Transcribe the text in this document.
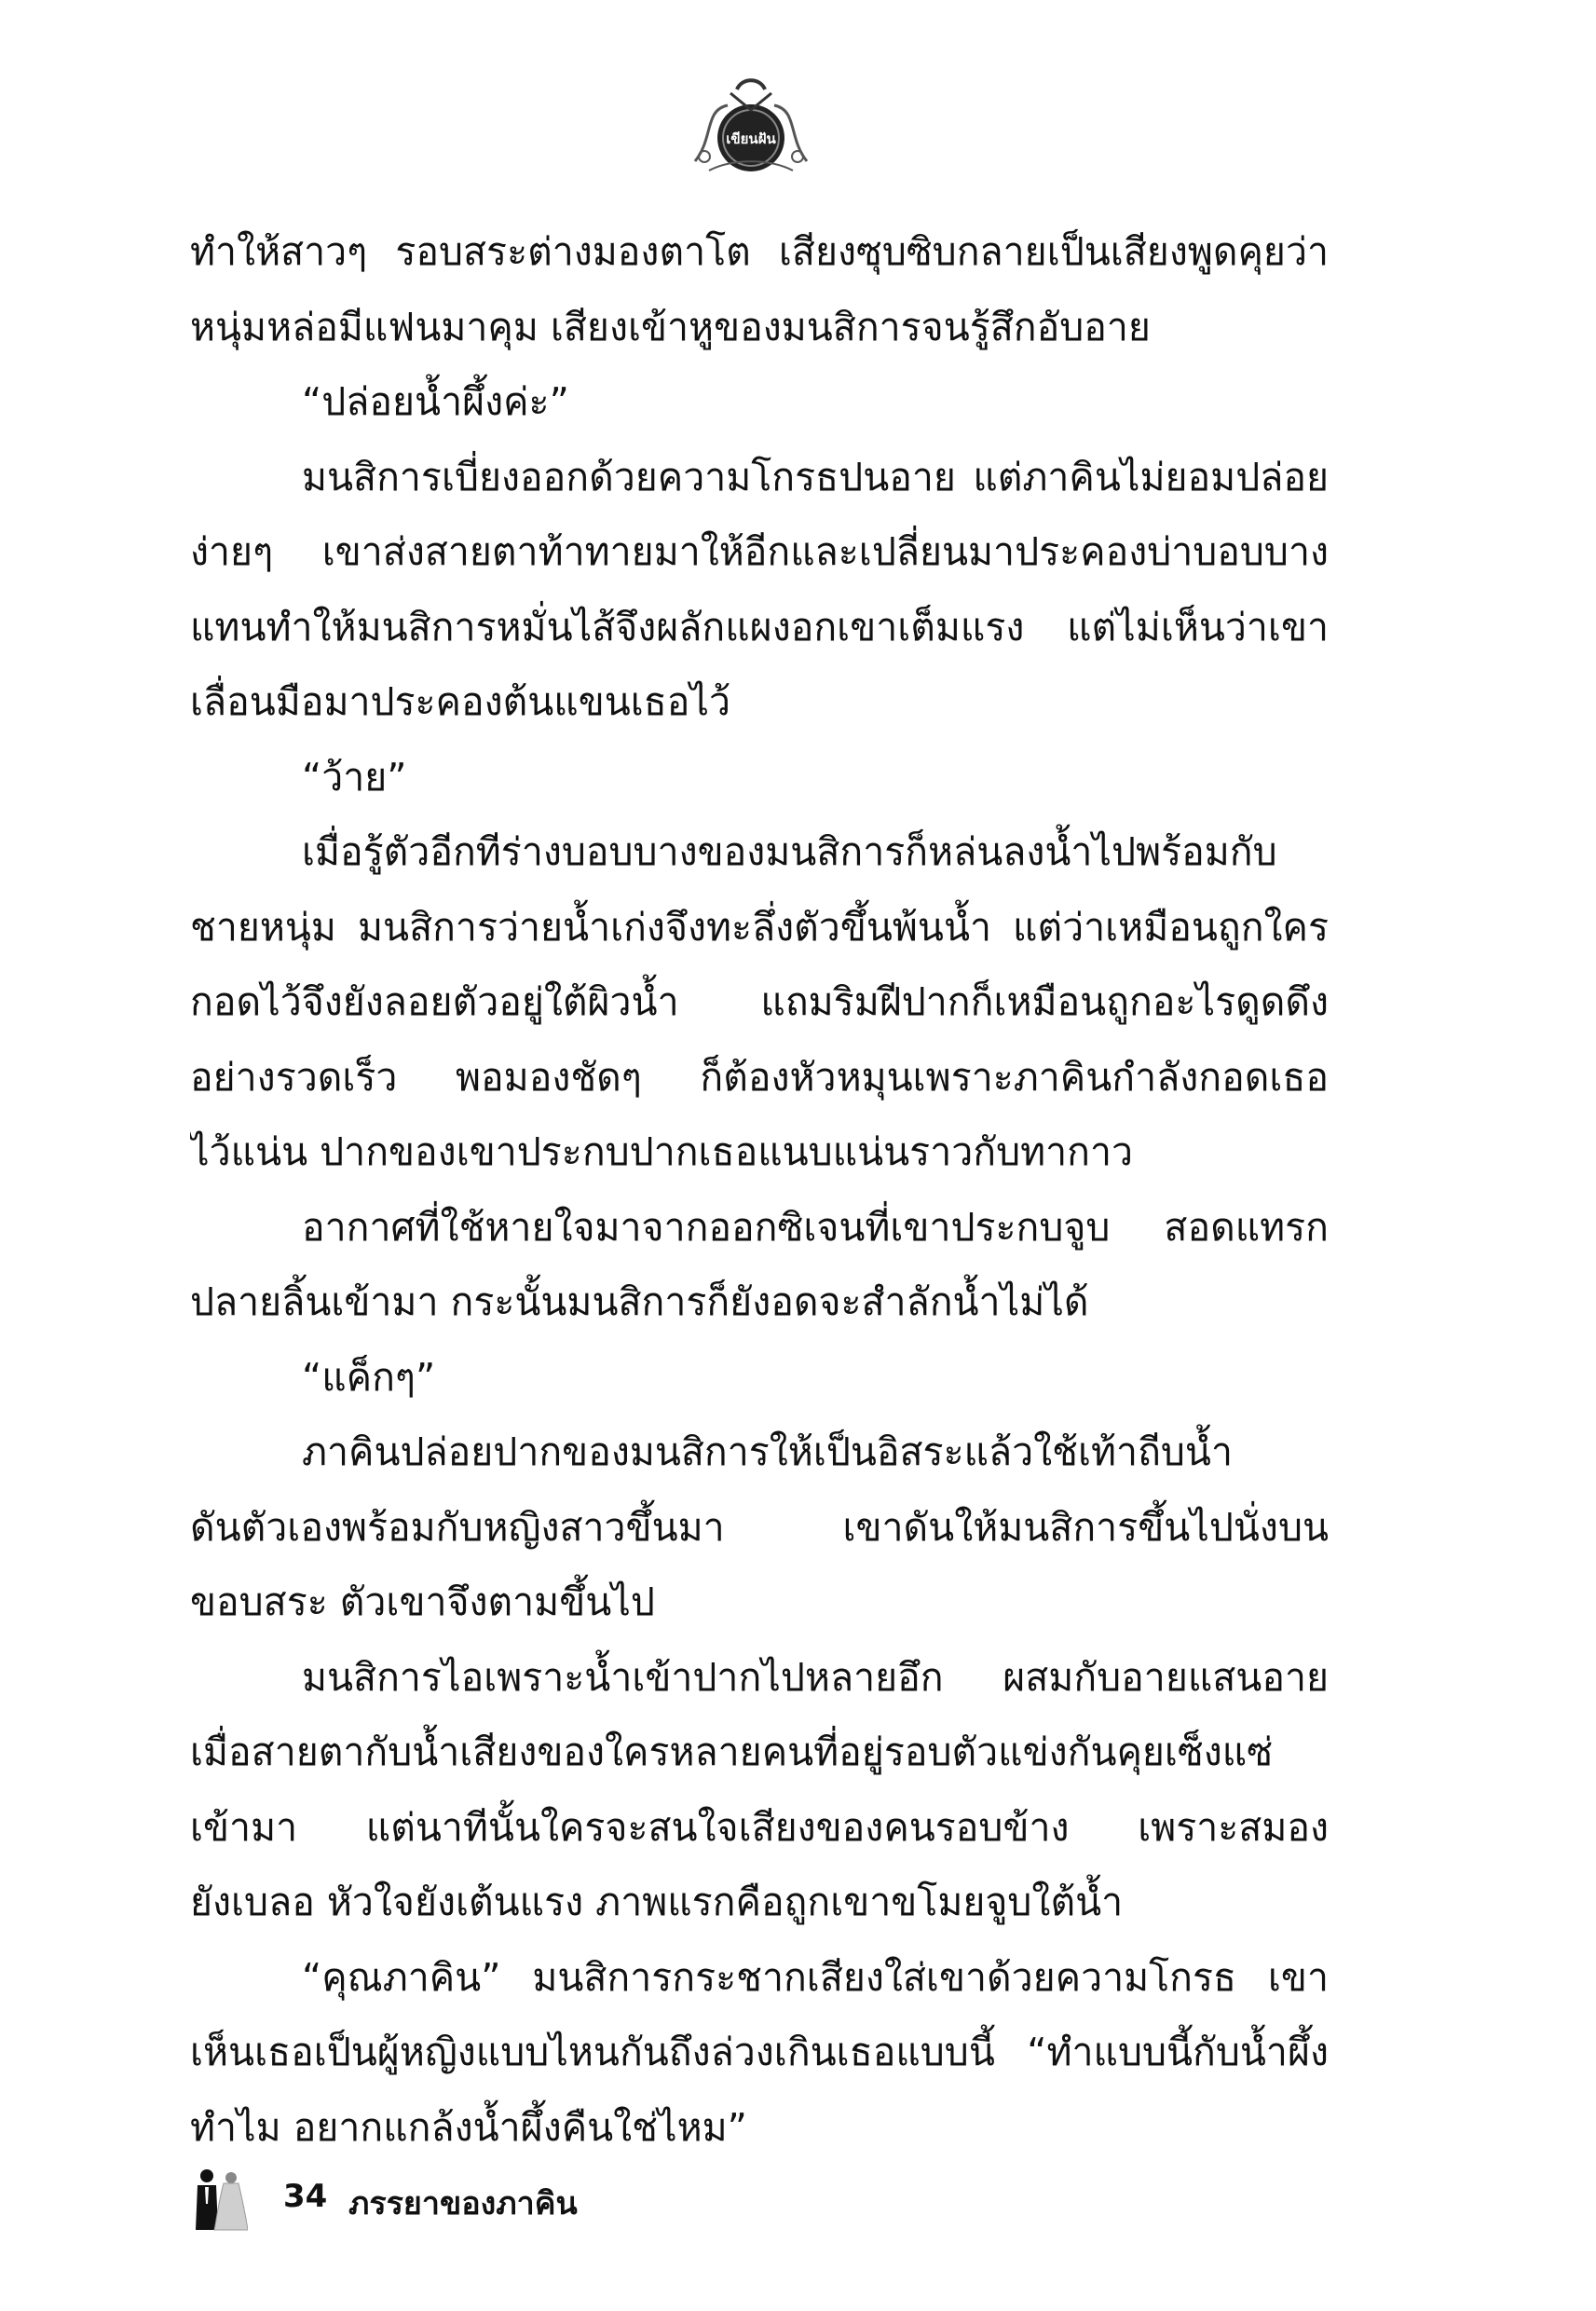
เขียนฝัน
ทำให้สาวๆ รอบสระต่างมองตาโต เสียงซุบซิบกลายเป็นเสียงพูดคุยว่า
หนุ่มหล่อมีแฟนมาคุม เสียงเข้าหูของมนสิการจนรู้สึกอับอาย
“ปล่อยน้ำผึ้งค่ะ”
มนสิการเบี่ยงออกด้วยความโกรธปนอาย แต่ภาคินไม่ยอมปล่อย
ง่ายๆ เขาส่งสายตาท้าทายมาให้อีกและเปลี่ยนมาประคองบ่าบอบบาง
แทนทำให้มนสิการหมั่นไส้จึงผลักแผงอกเขาเต็มแรง แต่ไม่เห็นว่าเขา
เลื่อนมือมาประคองต้นแขนเธอไว้
“ว้าย”
เมื่อรู้ตัวอีกทีร่างบอบบางของมนสิการก็หล่นลงน้ำไปพร้อมกับ
ชายหนุ่ม มนสิการว่ายน้ำเก่งจึงทะลึ่งตัวขึ้นพ้นน้ำ แต่ว่าเหมือนถูกใคร
กอดไว้จึงยังลอยตัวอยู่ใต้ผิวน้ำ แถมริมฝีปากก็เหมือนถูกอะไรดูดดึง
อย่างรวดเร็ว พอมองชัดๆ ก็ต้องหัวหมุนเพราะภาคินกำลังกอดเธอ
ไว้แน่น ปากของเขาประกบปากเธอแนบแน่นราวกับทากาว
อากาศที่ใช้หายใจมาจากออกซิเจนที่เขาประกบจูบ สอดแทรก
ปลายลิ้นเข้ามา กระนั้นมนสิการก็ยังอดจะสำลักน้ำไม่ได้
“แค็กๆ”
ภาคินปล่อยปากของมนสิการให้เป็นอิสระแล้วใช้เท้าถีบน้ำ
ดันตัวเองพร้อมกับหญิงสาวขึ้นมา เขาดันให้มนสิการขึ้นไปนั่งบน
ขอบสระ ตัวเขาจึงตามขึ้นไป
มนสิการไอเพราะน้ำเข้าปากไปหลายอึก ผสมกับอายแสนอาย
เมื่อสายตากับน้ำเสียงของใครหลายคนที่อยู่รอบตัวแข่งกันคุยเซ็งแซ่
เข้ามา แต่นาทีนั้นใครจะสนใจเสียงของคนรอบข้าง เพราะสมอง
ยังเบลอ หัวใจยังเต้นแรง ภาพแรกคือถูกเขาขโมยจูบใต้น้ำ
“คุณภาคิน” มนสิการกระชากเสียงใส่เขาด้วยความโกรธ เขา
เห็นเธอเป็นผู้หญิงแบบไหนกันถึงล่วงเกินเธอแบบนี้ “ทำแบบนี้กับน้ำผึ้ง
ทำไม อยากแกล้งน้ำผึ้งคืนใช่ไหม”
34 ภรรยาของภาคิน
